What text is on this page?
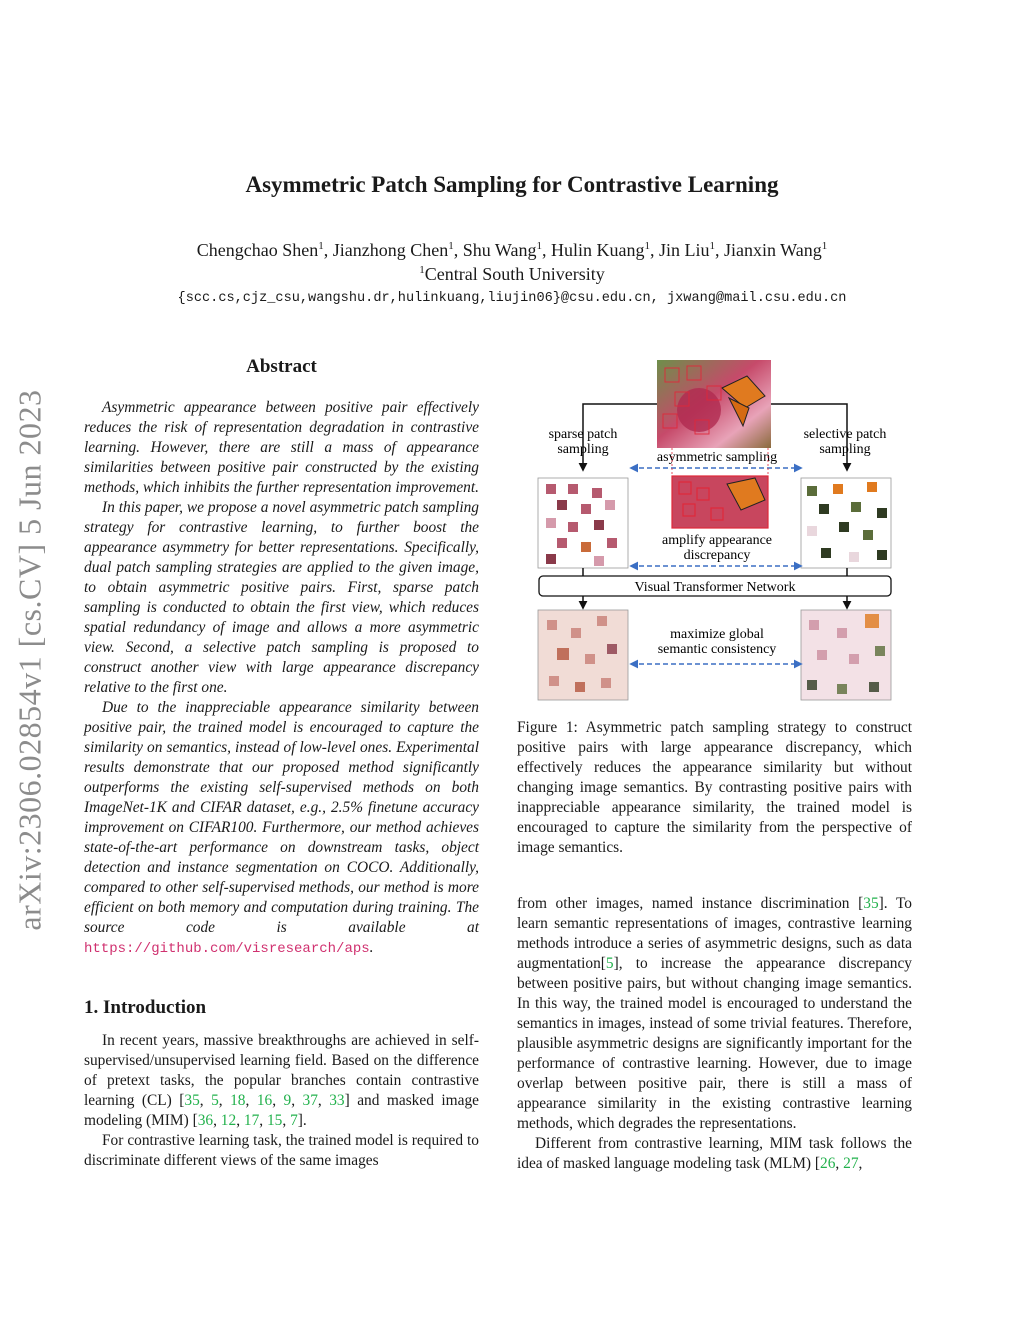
arXiv:2306.02854v1 [cs.CV] 5 Jun 2023
Asymmetric Patch Sampling for Contrastive Learning
Chengchao Shen$^1$, Jianzhong Chen$^1$, Shu Wang$^1$, Hulin Kuang$^1$, Jin Liu$^1$, Jianxin Wang$^1$
$^1$Central South University
{scc.cs,cjz_csu,wangshu.dr,hulinkuang,liujin06}@csu.edu.cn, jxwang@mail.csu.edu.cn
Abstract

Asymmetric appearance between positive pair effectively reduces the risk of representation degradation in contrastive learning. However, there are still a mass of appearance similarities between positive pair constructed by the existing methods, which inhibits the further representation improvement.

In this paper, we propose a novel asymmetric patch sampling strategy for contrastive learning, to further boost the appearance asymmetry for better representations. Specifically, dual patch sampling strategies are applied to the given image, to obtain asymmetric positive pairs. First, sparse patch sampling is conducted to obtain the first view, which reduces spatial redundancy of image and allows a more asymmetric view. Second, a selective patch sampling is proposed to construct another view with large appearance discrepancy relative to the first one.

Due to the inappreciable appearance similarity between positive pair, the trained model is encouraged to capture the similarity on semantics, instead of low-level ones. Experimental results demonstrate that our proposed method significantly outperforms the existing self-supervised methods on both ImageNet-1K and CIFAR dataset, e.g., 2.5% finetune accuracy improvement on CIFAR100. Furthermore, our method achieves state-of-the-art performance on downstream tasks, object detection and instance segmentation on COCO. Additionally, compared to other self-supervised methods, our method is more efficient on both memory and computation during training. The source code is available at https://github.com/visresearch/aps.

1. Introduction

In recent years, massive breakthroughs are achieved in self-supervised/unsupervised learning field. Based on the difference of pretext tasks, the popular branches contain contrastive learning (CL) [35, 5, 18, 16, 9, 37, 33] and masked image modeling (MIM) [36, 12, 17, 15, 7].

For contrastive learning task, the trained model is required to discriminate different views of the same images

sparse patch
sampling
selective patch
sampling
asymmetric sampling
amplify appearance
discrepancy
Visual Transformer Network
maximize global
semantic consistency

Figure 1: Asymmetric patch sampling strategy to construct positive pairs with large appearance discrepancy, which effectively reduces the appearance similarity but without changing image semantics. By contrasting positive pairs with inappreciable appearance similarity, the trained model is encouraged to capture the similarity from the perspective of image semantics.

from other images, named instance discrimination [35]. To learn semantic representations of images, contrastive learning methods introduce a series of asymmetric designs, such as data augmentation[5], to increase the appearance discrepancy between positive pairs, but without changing image semantics. In this way, the trained model is encouraged to understand the semantics in images, instead of some trivial features. Therefore, plausible asymmetric designs are significantly important for the performance of contrastive learning. However, due to image overlap between positive pair, there is still a mass of appearance similarity in the existing contrastive learning methods, which degrades the representations.

Different from contrastive learning, MIM task follows the idea of masked language modeling task (MLM) [26, 27,
